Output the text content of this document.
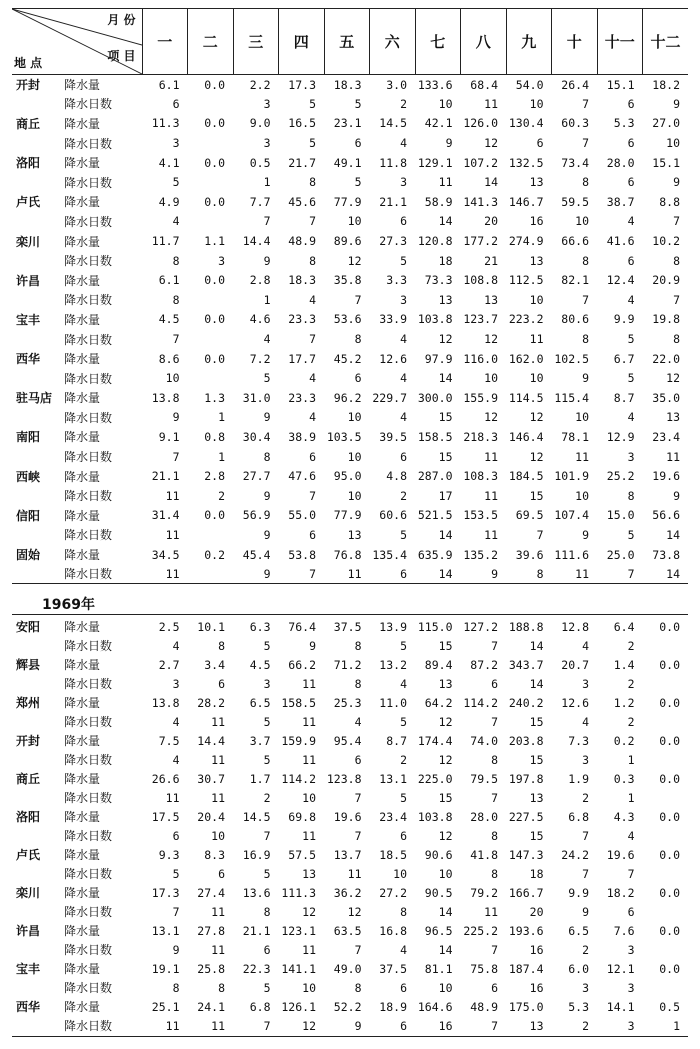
月 份
项 目
地 点		一	二	三	四	五	六	七	八	九	十	十一	十二
开封	降水量	6.1	0.0	2.2	17.3	18.3	3.0	133.6	68.4	54.0	26.4	15.1	18.2
	降水日数	6		3	5	5	2	10	11	10	7	6	9
商丘	降水量	11.3	0.0	9.0	16.5	23.1	14.5	42.1	126.0	130.4	60.3	5.3	27.0
	降水日数	3		3	5	6	4	9	12	6	7	6	10
洛阳	降水量	4.1	0.0	0.5	21.7	49.1	11.8	129.1	107.2	132.5	73.4	28.0	15.1
	降水日数	5		1	8	5	3	11	14	13	8	6	9
卢氏	降水量	4.9	0.0	7.7	45.6	77.9	21.1	58.9	141.3	146.7	59.5	38.7	8.8
	降水日数	4		7	7	10	6	14	20	16	10	4	7
栾川	降水量	11.7	1.1	14.4	48.9	89.6	27.3	120.8	177.2	274.9	66.6	41.6	10.2
	降水日数	8	3	9	8	12	5	18	21	13	8	6	8
许昌	降水量	6.1	0.0	2.8	18.3	35.8	3.3	73.3	108.8	112.5	82.1	12.4	20.9
	降水日数	8		1	4	7	3	13	13	10	7	4	7
宝丰	降水量	4.5	0.0	4.6	23.3	53.6	33.9	103.8	123.7	223.2	80.6	9.9	19.8
	降水日数	7		4	7	8	4	12	12	11	8	5	8
西华	降水量	8.6	0.0	7.2	17.7	45.2	12.6	97.9	116.0	162.0	102.5	6.7	22.0
	降水日数	10		5	4	6	4	14	10	10	9	5	12
驻马店	降水量	13.8	1.3	31.0	23.3	96.2	229.7	300.0	155.9	114.5	115.4	8.7	35.0
	降水日数	9	1	9	4	10	4	15	12	12	10	4	13
南阳	降水量	9.1	0.8	30.4	38.9	103.5	39.5	158.5	218.3	146.4	78.1	12.9	23.4
	降水日数	7	1	8	6	10	6	15	11	12	11	3	11
西峡	降水量	21.1	2.8	27.7	47.6	95.0	4.8	287.0	108.3	184.5	101.9	25.2	19.6
	降水日数	11	2	9	7	10	2	17	11	15	10	8	9
信阳	降水量	31.4	0.0	56.9	55.0	77.9	60.6	521.5	153.5	69.5	107.4	15.0	56.6
	降水日数	11		9	6	13	5	14	11	7	9	5	14
固始	降水量	34.5	0.2	45.4	53.8	76.8	135.4	635.9	135.2	39.6	111.6	25.0	73.8
	降水日数	11		9	7	11	6	14	9	8	11	7	14
1969年
安阳	降水量	2.5	10.1	6.3	76.4	37.5	13.9	115.0	127.2	188.8	12.8	6.4	0.0
	降水日数	4	8	5	9	8	5	15	7	14	4	2	
辉县	降水量	2.7	3.4	4.5	66.2	71.2	13.2	89.4	87.2	343.7	20.7	1.4	0.0
	降水日数	3	6	3	11	8	4	13	6	14	3	2	
郑州	降水量	13.8	28.2	6.5	158.5	25.3	11.0	64.2	114.2	240.2	12.6	1.2	0.0
	降水日数	4	11	5	11	4	5	12	7	15	4	2	
开封	降水量	7.5	14.4	3.7	159.9	95.4	8.7	174.4	74.0	203.8	7.3	0.2	0.0
	降水日数	4	11	5	11	6	2	12	8	15	3	1	
商丘	降水量	26.6	30.7	1.7	114.2	123.8	13.1	225.0	79.5	197.8	1.9	0.3	0.0
	降水日数	11	11	2	10	7	5	15	7	13	2	1	
洛阳	降水量	17.5	20.4	14.5	69.8	19.6	23.4	103.8	28.0	227.5	6.8	4.3	0.0
	降水日数	6	10	7	11	7	6	12	8	15	7	4	
卢氏	降水量	9.3	8.3	16.9	57.5	13.7	18.5	90.6	41.8	147.3	24.2	19.6	0.0
	降水日数	5	6	5	13	11	10	10	8	18	7	7	
栾川	降水量	17.3	27.4	13.6	111.3	36.2	27.2	90.5	79.2	166.7	9.9	18.2	0.0
	降水日数	7	11	8	12	12	8	14	11	20	9	6	
许昌	降水量	13.1	27.8	21.1	123.1	63.5	16.8	96.5	225.2	193.6	6.5	7.6	0.0
	降水日数	9	11	6	11	7	4	14	7	16	2	3	
宝丰	降水量	19.1	25.8	22.3	141.1	49.0	37.5	81.1	75.8	187.4	6.0	12.1	0.0
	降水日数	8	8	5	10	8	6	10	6	16	3	3	
西华	降水量	25.1	24.1	6.8	126.1	52.2	18.9	164.6	48.9	175.0	5.3	14.1	0.5
	降水日数	11	11	7	12	9	6	16	7	13	2	3	1
